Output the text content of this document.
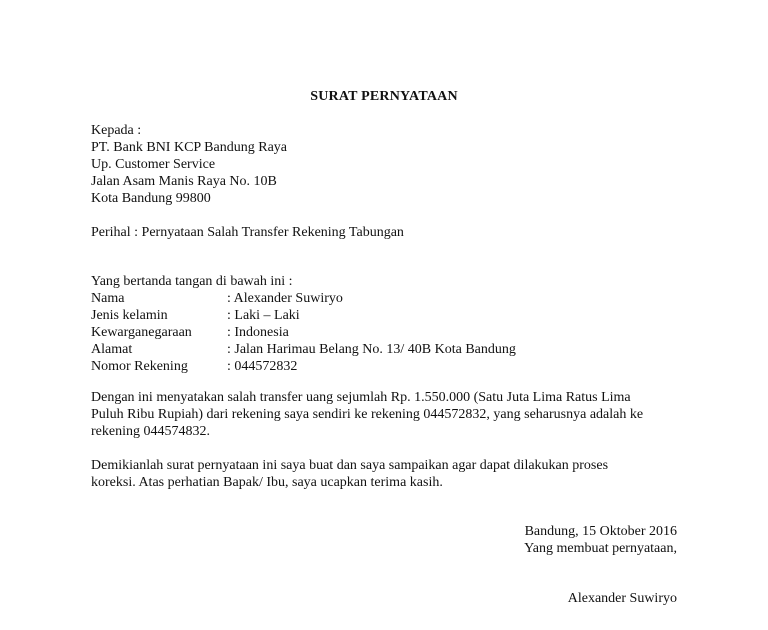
SURAT PERNYATAAN
Kepada :
PT. Bank BNI KCP Bandung Raya
Up. Customer Service
Jalan Asam Manis Raya No. 10B
Kota Bandung 99800
Perihal : Pernyataan Salah Transfer Rekening Tabungan
Yang bertanda tangan di bawah ini :
Nama	: Alexander Suwiryo
Jenis kelamin	: Laki – Laki
Kewarganegaraan	: Indonesia
Alamat	: Jalan Harimau Belang No. 13/ 40B Kota Bandung
Nomor Rekening	: 044572832
Dengan ini menyatakan salah transfer uang sejumlah Rp. 1.550.000 (Satu Juta Lima Ratus Lima
Puluh Ribu Rupiah) dari rekening saya sendiri ke rekening 044572832, yang seharusnya adalah ke
rekening 044574832.
Demikianlah surat pernyataan ini saya buat dan saya sampaikan agar dapat dilakukan proses
koreksi. Atas perhatian Bapak/ Ibu, saya ucapkan terima kasih.
Bandung, 15 Oktober 2016
Yang membuat pernyataan,
Alexander Suwiryo
